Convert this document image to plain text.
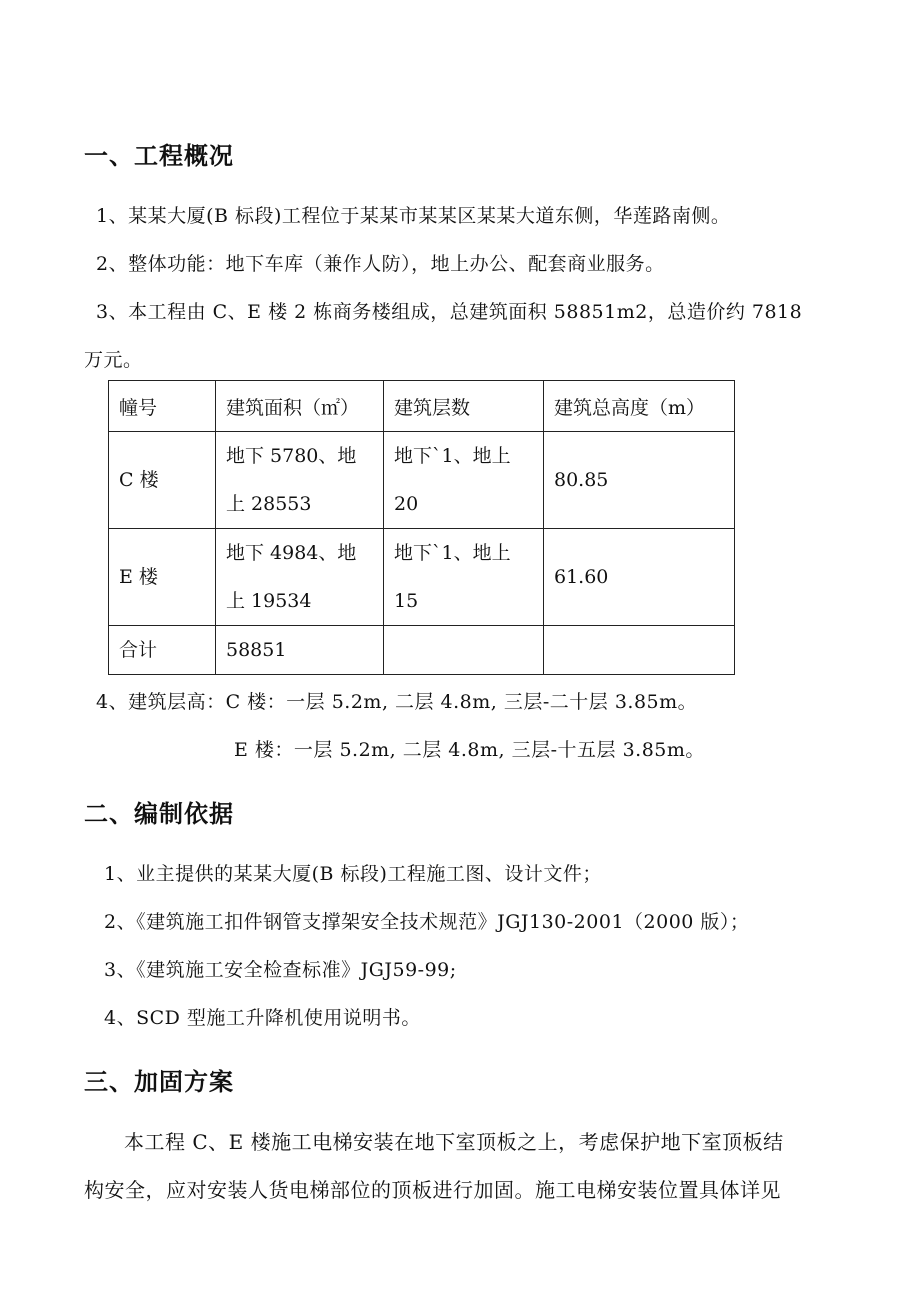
一、工程概况

1、某某大厦(B 标段)工程位于某某市某某区某某大道东侧，华莲路南侧。

2、整体功能：地下车库（兼作人防），地上办公、配套商业服务。

3、本工程由 C、E 楼 2 栋商务楼组成，总建筑面积 58851m2，总造价约 7818

万元。

幢号	建筑面积（㎡）	建筑层数	建筑总高度（m）
C 楼	地下 5780、地
上 28553	地下`1、地上
20	80.85
E 楼	地下 4984、地
上 19534	地下`1、地上
15	61.60
合计	58851		

4、建筑层高：C 楼：一层 5.2m, 二层 4.8m, 三层-二十层 3.85m。

E 楼：一层 5.2m, 二层 4.8m, 三层-十五层 3.85m。

二、编制依据

1、业主提供的某某大厦(B 标段)工程施工图、设计文件；

2、《建筑施工扣件钢管支撑架安全技术规范》JGJ130-2001（2000 版）；

3、《建筑施工安全检查标准》JGJ59-99;

4、SCD 型施工升降机使用说明书。

三、加固方案

本工程 C、E 楼施工电梯安装在地下室顶板之上，考虑保护地下室顶板结

构安全，应对安装人货电梯部位的顶板进行加固。施工电梯安装位置具体详见
